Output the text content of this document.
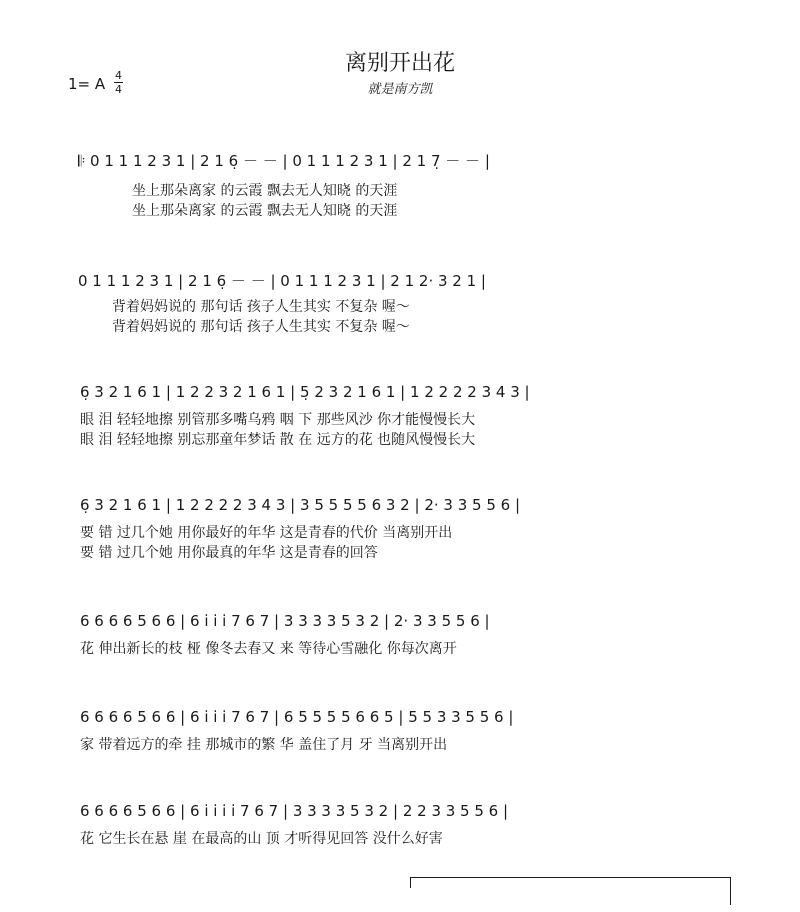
离别开出花
就是南方凯
1= A 4
4
𝄆 0 1 1 1 2 3 1 | 2 1 6̣ － － | 0 1 1 1 2 3 1 | 2 1 7̣ － － |
坐上那朵离家 的云霞 飘去无人知晓 的天涯
坐上那朵离家 的云霞 飘去无人知晓 的天涯
0 1 1 1 2 3 1 | 2 1 6̣ － － | 0 1 1 1 2 3 1 | 2 1 2· 3 2 1 |
背着妈妈说的 那句话 孩子人生其实 不复杂 喔～
背着妈妈说的 那句话 孩子人生其实 不复杂 喔～
6̣ 3 2 1 6 1 | 1 2 2 3 2 1 6 1 | 5̣ 2 3 2 1 6 1 | 1 2 2 2 2 3 4 3 |
眼 泪 轻轻地擦 别管那多嘴乌鸦 咽 下 那些风沙 你才能慢慢长大
眼 泪 轻轻地擦 别忘那童年梦话 散 在 远方的花 也随风慢慢长大
6̣ 3 2 1 6 1 | 1 2 2 2 2 3 4 3 | 3 5 5 5 5 6 3 2 | 2· 3 3 5 5 6 |
要 错 过几个她 用你最好的年华 这是青春的代价 当离别开出
要 错 过几个她 用你最真的年华 这是青春的回答
6 6 6 6 5 6 6 | 6 i̇ i̇ i̇ 7 6 7 | 3 3 3 3 5 3 2 | 2· 3 3 5 5 6 |
花 伸出新长的枝 桠 像冬去春又 来 等待心雪融化 你每次离开
6 6 6 6 5 6 6 | 6 i̇ i̇ i̇ 7 6 7 | 6 5 5 5 5 6 6 5 | 5 5 3 3 5 5 6 |
家 带着远方的牵 挂 那城市的繁 华 盖住了月 牙 当离别开出
6 6 6 6 5 6 6 | 6 i̇ i̇ i̇ i̇ 7 6 7 | 3 3 3 3 5 3 2 | 2 2 3 3 5 5 6 |
花 它生长在悬 崖 在最高的山 顶 才听得见回答 没什么好害
